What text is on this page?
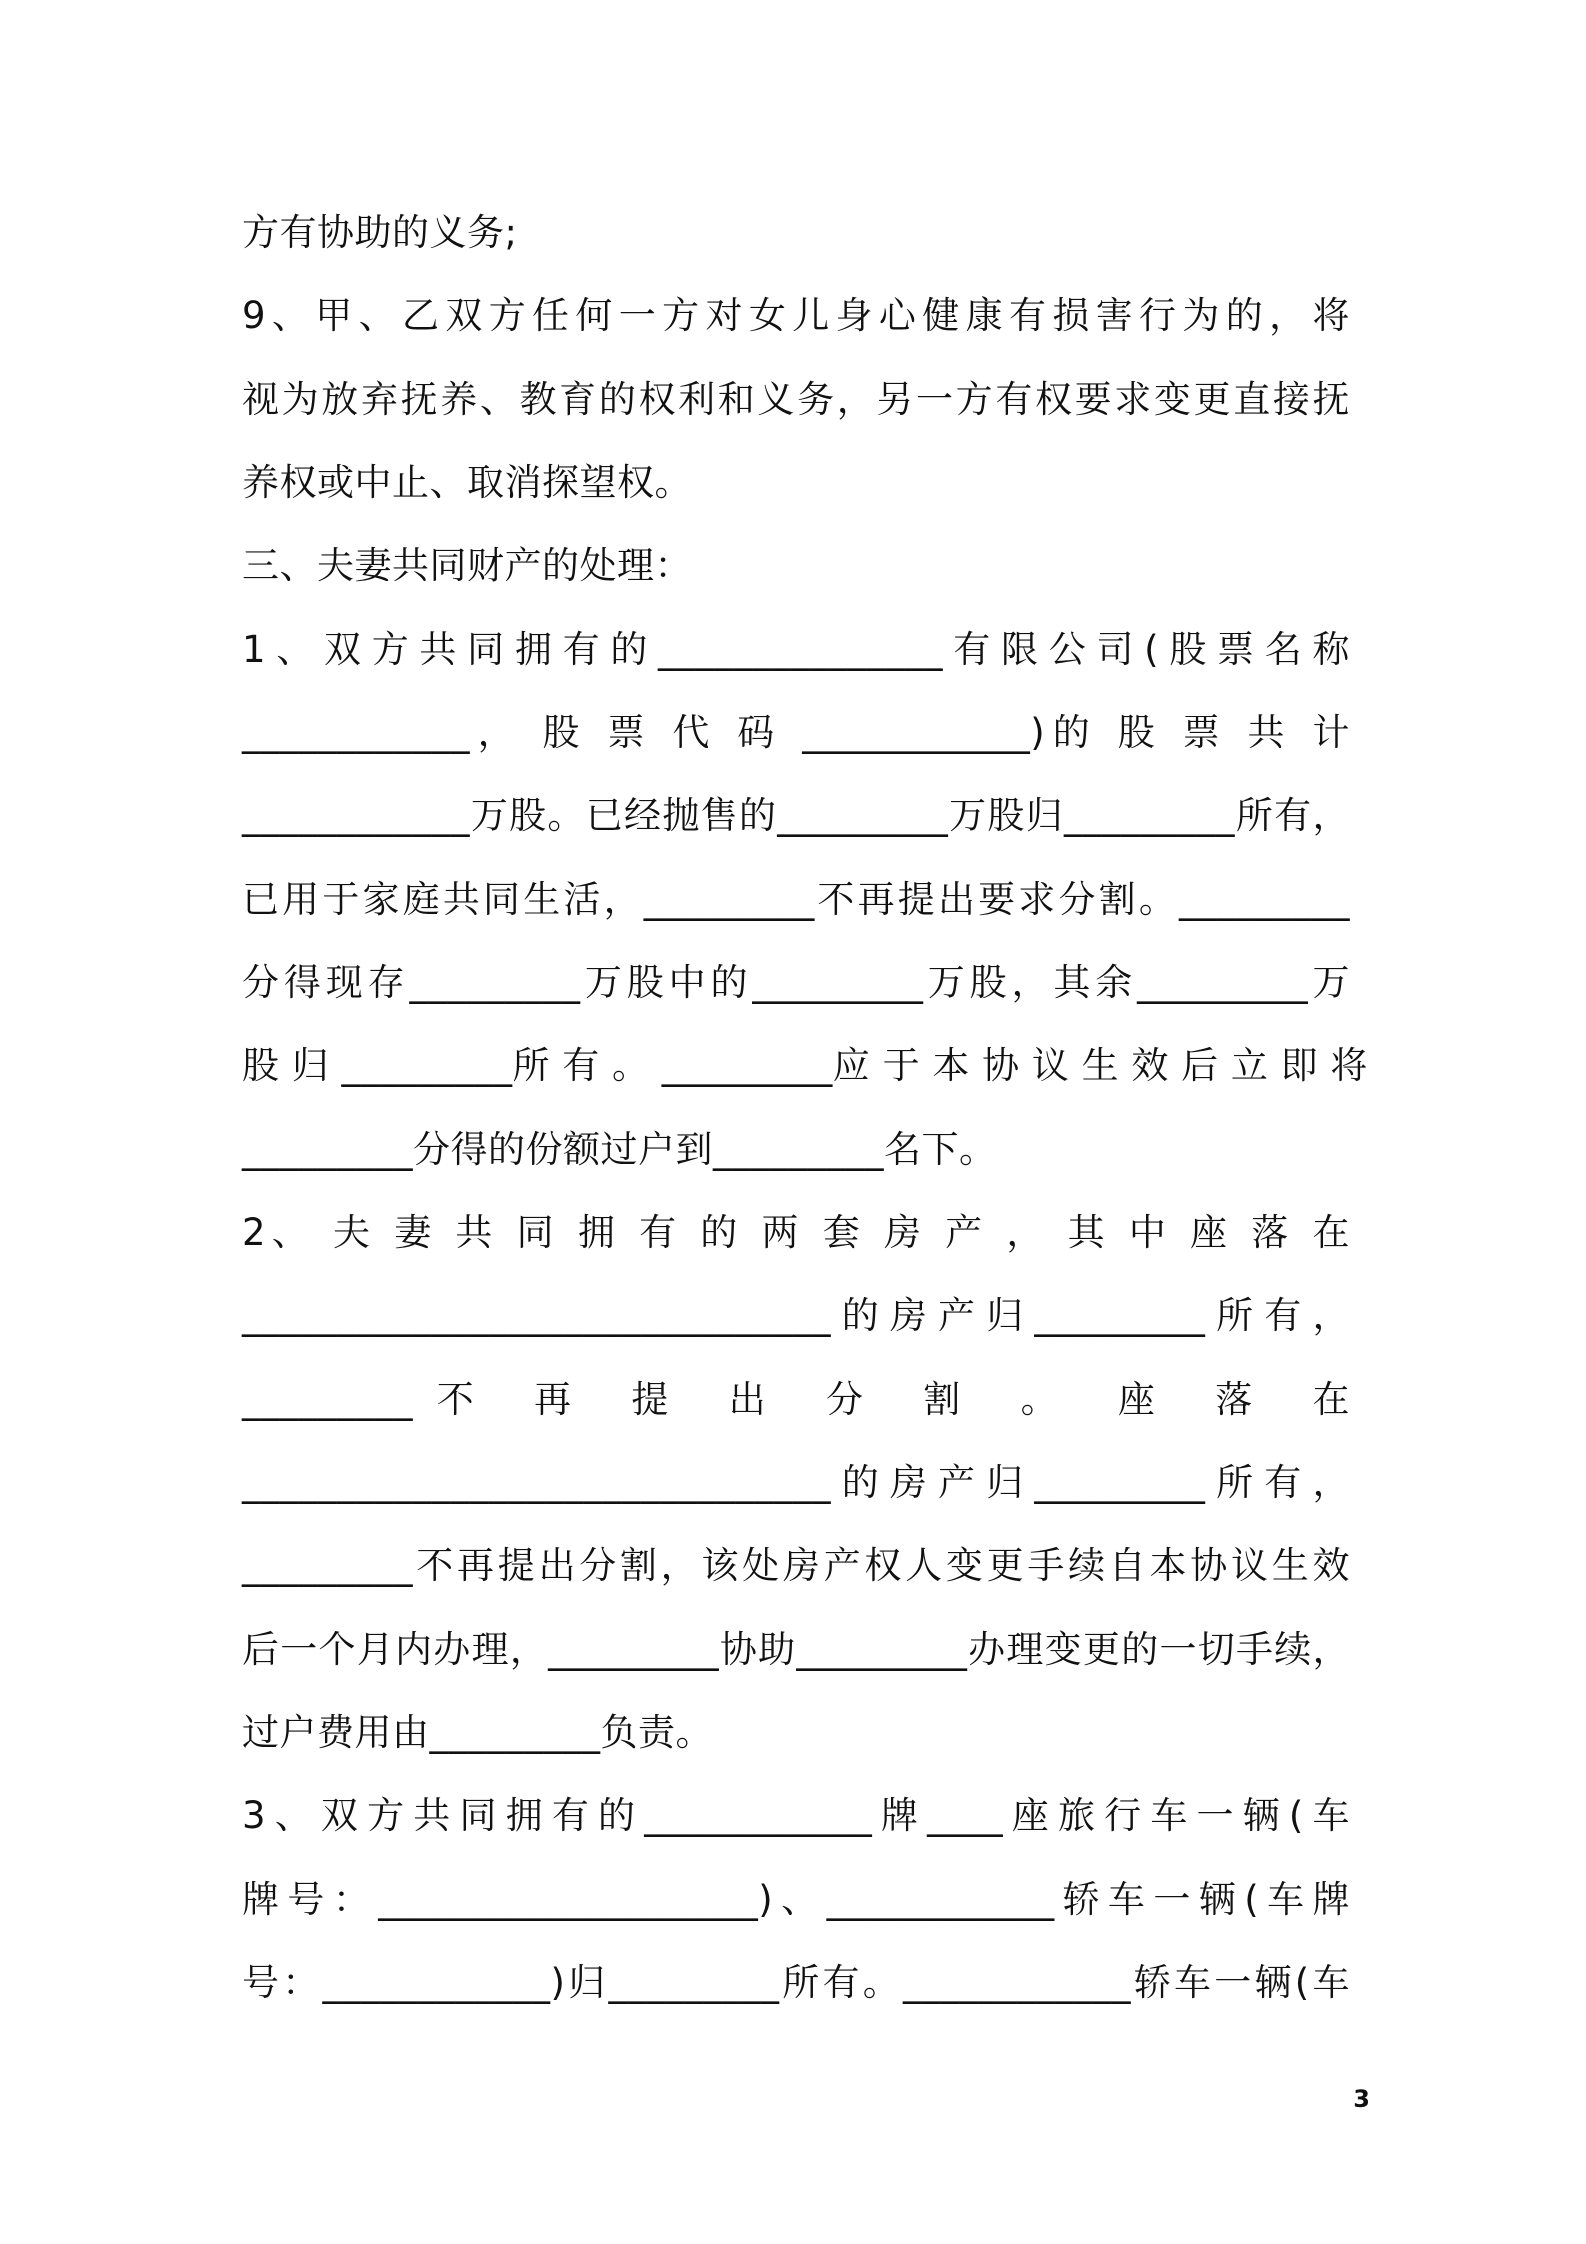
方有协助的义务;
9、甲、乙双方任何一方对女儿身心健康有损害行为的，将
视为放弃抚养、教育的权利和义务，另一方有权要求变更直接抚
养权或中止、取消探望权。
三、夫妻共同财产的处理：
1、双方共同拥有的_______________有限公司(股票名称
____________， 股 票 代 码 ____________)的 股 票 共 计
____________万股。已经抛售的_________万股归_________所有，
已用于家庭共同生活，_________不再提出要求分割。_________
分得现存_________万股中的_________万股，其余_________万
股 归 _________所 有 。 _________应 于 本 协 议 生 效 后 立 即 将
_________分得的份额过户到_________名下。
2、 夫 妻 共 同 拥 有 的 两 套 房 产 ， 其 中 座 落 在
_______________________________的房产归_________所有，
_________不 再 提 出 分 割 。 座 落 在
_______________________________的房产归_________所有，
_________不再提出分割，该处房产权人变更手续自本协议生效
后一个月内办理，_________协助_________办理变更的一切手续，
过户费用由_________负责。
3、双方共同拥有的____________牌____座旅行车一辆(车
牌号：____________________)、____________轿车一辆(车牌
号：____________)归_________所有。____________轿车一辆(车
3
